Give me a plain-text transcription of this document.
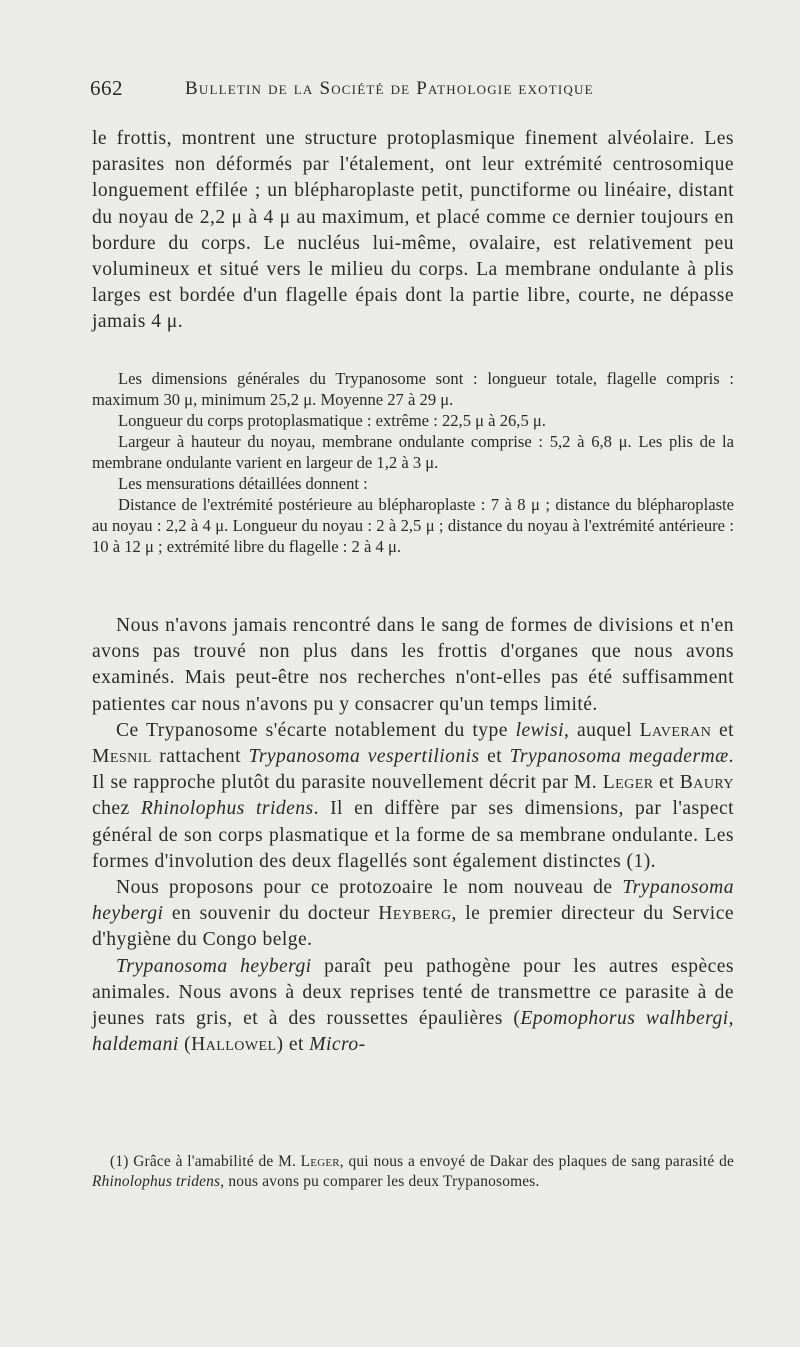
662	Bulletin de la Société de Pathologie exotique

le frottis, montrent une structure protoplasmique finement alvéolaire. Les parasites non déformés par l'étalement, ont leur extrémité centrosomique longuement effilée ; un blépharoplaste petit, punctiforme ou linéaire, distant du noyau de 2,2 μ à 4 μ au maximum, et placé comme ce dernier toujours en bordure du corps. Le nucléus lui-même, ovalaire, est relativement peu volumineux et situé vers le milieu du corps. La membrane ondulante à plis larges est bordée d'un flagelle épais dont la partie libre, courte, ne dépasse jamais 4 μ.

Les dimensions générales du Trypanosome sont : longueur totale, flagelle compris : maximum 30 μ, minimum 25,2 μ. Moyenne 27 à 29 μ.

Longueur du corps protoplasmatique : extrême : 22,5 μ à 26,5 μ.

Largeur à hauteur du noyau, membrane ondulante comprise : 5,2 à 6,8 μ. Les plis de la membrane ondulante varient en largeur de 1,2 à 3 μ.

Les mensurations détaillées donnent :

Distance de l'extrémité postérieure au blépharoplaste : 7 à 8 μ ; distance du blépharoplaste au noyau : 2,2 à 4 μ. Longueur du noyau : 2 à 2,5 μ ; distance du noyau à l'extrémité antérieure : 10 à 12 μ ; extrémité libre du flagelle : 2 à 4 μ.

Nous n'avons jamais rencontré dans le sang de formes de divisions et n'en avons pas trouvé non plus dans les frottis d'organes que nous avons examinés. Mais peut-être nos recherches n'ont-elles pas été suffisamment patientes car nous n'avons pu y consacrer qu'un temps limité.

Ce Trypanosome s'écarte notablement du type lewisi, auquel Laveran et Mesnil rattachent Trypanosoma vespertilionis et Trypanosoma megadermæ. Il se rapproche plutôt du parasite nouvellement décrit par M. Leger et Baury chez Rhinolophus tridens. Il en diffère par ses dimensions, par l'aspect général de son corps plasmatique et la forme de sa membrane ondulante. Les formes d'involution des deux flagellés sont également distinctes (1).

Nous proposons pour ce protozoaire le nom nouveau de Trypanosoma heybergi en souvenir du docteur Heyberg, le premier directeur du Service d'hygiène du Congo belge.

Trypanosoma heybergi paraît peu pathogène pour les autres espèces animales. Nous avons à deux reprises tenté de transmettre ce parasite à de jeunes rats gris, et à des roussettes épaulières (Epomophorus walhbergi, haldemani (Hallowel) et Micro-

(1) Grâce à l'amabilité de M. Leger, qui nous a envoyé de Dakar des plaques de sang parasité de Rhinolophus tridens, nous avons pu comparer les deux Trypanosomes.
